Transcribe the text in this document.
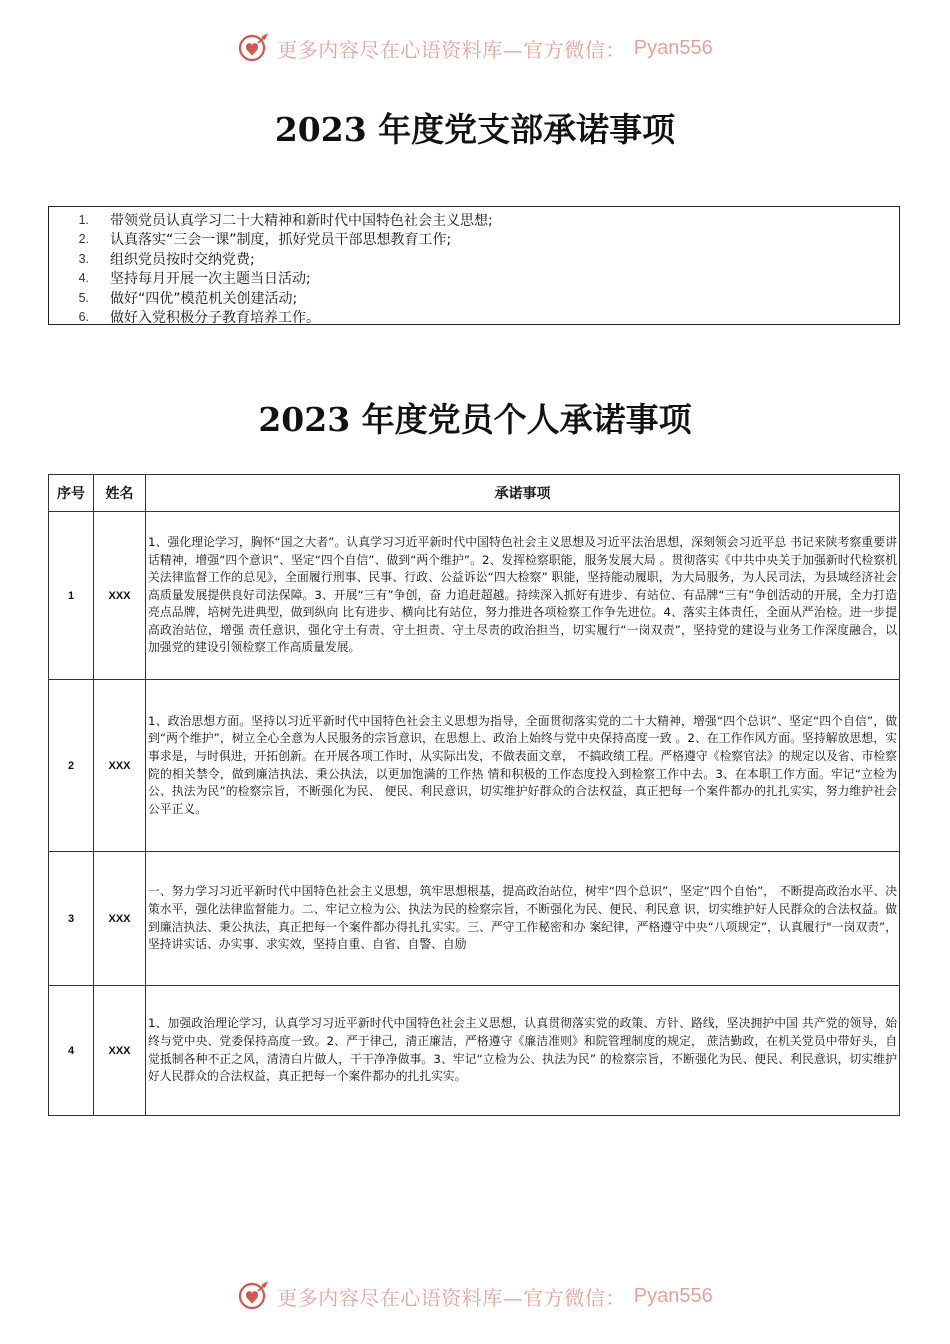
更多内容尽在心语资料库—官方微信： Pyan556
2023 年度党支部承诺事项
1.	带领党员认真学习二十大精神和新时代中国特色社会主义思想;
2.	认真落实“三会一课”制度，抓好党员干部思想教育工作;
3.	组织党员按时交纳党费;
4.	坚持每月开展一次主题当日活动;
5.	做好“四优”模范机关创建活动;
6.	做好入党积极分子教育培养工作。
2023 年度党员个人承诺事项
序号	姓名	承诺事项
1	XXX	1、强化理论学习，胸怀“国之大者”。认真学习习近平新时代中国特色社会主义思想及习近平法治思想，深刻领会习近平总 书记来陕考察重要讲话精神，增强“四个意识”、坚定“四个自信”、做到“两个维护”。2、发挥检察职能，服务发展大局 。贯彻落实《中共中央关于加强新时代检察机关法律监督工作的总见》，全面履行刑事、民事、行政、公益诉讼“四大检察” 职能，坚持能动履职，为大局服务，为人民司法，为县域经济社会高质量发展提供良好司法保障。3、开展“三有”争创，奋 力追赶超越。持续深入抓好有进步、有站位、有品牌“三有”争创活动的开展，全力打造亮点品牌，培树先进典型，做到纵向 比有进步、横向比有站位，努力推进各项检察工作争先进位。4、落实主体责任，全面从严治检。进一步提高政治站位，增强 责任意识，强化守土有责、守土担责、守土尽责的政治担当，切实履行“一岗双责”，坚持党的建设与业务工作深度融合，以 加强党的建设引领检察工作高质量发展。
2	XXX	1、政治思想方面。坚持以习近平新时代中国特色社会主义思想为指导，全面贯彻落实党的二十大精神，增强“四个总识”、坚定“四个自信”，做到“两个维护”，树立全心全意为人民服务的宗旨意识，在思想上、政治上始终与党中央保持高度一致 。2、在工作作风方面。坚持解放思想，实事求是，与时俱进，开拓创新。在开展各项工作时，从实际出发，不做表面文章， 不搞政绩工程。严格遵守《检察官法》的规定以及省、市检察院的相关禁令，做到廉洁执法、秉公执法，以更加饱满的工作热 情和积极的工作态度投入到检察工作中去。3、在本职工作方面。牢记“立检为公、执法为民”的检察宗旨，不断强化为民、 便民、利民意识，切实维护好群众的合法权益，真正把每一个案件都办的扎扎实实，努力维护社会公平正义。
3	XXX	一、努力学习习近平新时代中国特色社会主义思想，筑牢思想根基，提高政治站位，树牢“四个总识”，坚定“四个自怡”， 不断提高政治水平、决策水平，强化法律监督能力。二、牢记立检为公、执法为民的检察宗旨，不断强化为民、便民、利民意 识，切实维护好人民群众的合法权益。做到廉洁执法、秉公执法，真正把每一个案件都办得扎扎实实。三、严守工作秘密和办 案纪律，严格遵守中央“八项规定”，认真履行"一岗双责”，坚持讲实话、办实事、求实效，坚持自重、自省、自警、自励
4	XXX	1、加强政治理论学习，认真学习习近平新时代中国特色社会主义思想，认真贯彻落实党的政策、方针、路线，坚决拥护中国 共产党的领导，始终与党中央、党委保持高度一致。2、严于律己，清正廉洁，严格遵守《廉洁准则》和院管理制度的规定， 蔗洁勤政，在机关党员中带好头，自觉抵制各种不正之风，清清白片做人，干干净净做事。3、牢记“立检为公、执法为民” 的检察宗旨，不断强化为民、便民、利民意识，切实维护好人民群众的合法权益，真正把每一个案件都办的扎扎实实。
更多内容尽在心语资料库—官方微信： Pyan556
